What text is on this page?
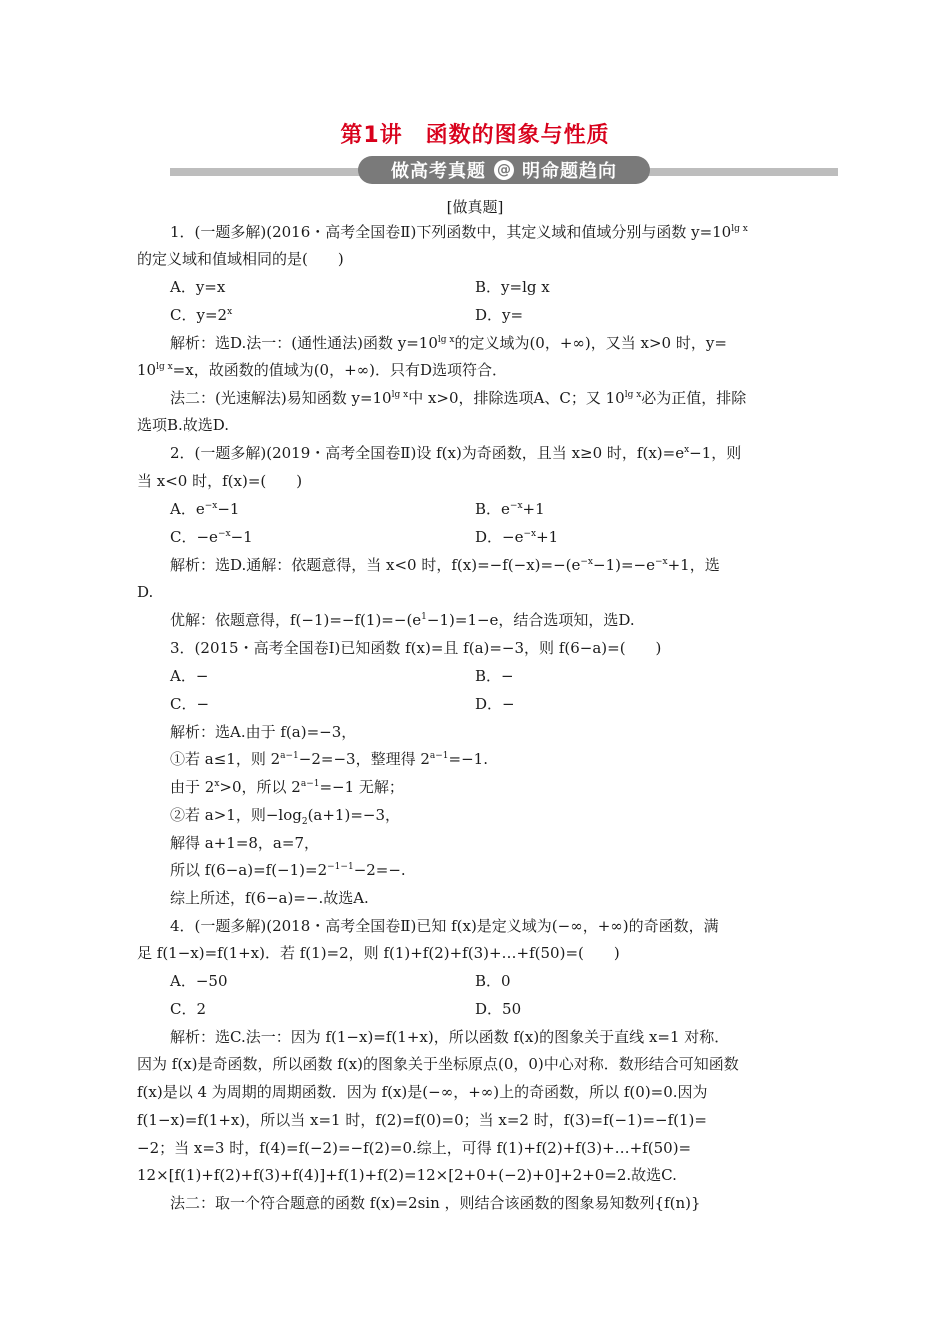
第1讲　函数的图象与性质
做高考真题 @ 明命题趋向
[做真题]
1．(一题多解)(2016・高考全国卷Ⅱ)下列函数中，其定义域和值域分别与函数 $y=10^{lg x}$
的定义域和值域相同的是(　　)
A．y=x	B．y=lg x
C．$y=2^x$	D．y=
解析：选D.法一：(通性通法)函数 $y=10^{lg x}$的定义域为(0，+∞)，又当 x>0 时，y=
$10^{lg x}=x$，故函数的值域为(0，+∞)．只有D选项符合．
法二：(光速解法)易知函数 $y=10^{lg x}$中 x>0，排除选项A、C；又 $10^{lg x}$必为正值，排除
选项B.故选D.
2．(一题多解)(2019・高考全国卷Ⅱ)设 f(x)为奇函数，且当 x≥0 时，$f(x)=e^x-1$，则
当 x<0 时，f(x)=(　　)
A．$e^{-x}-1$	B．$e^{-x}+1$
C．$-e^{-x}-1$	D．$-e^{-x}+1$
解析：选D.通解：依题意得，当 x<0 时，$f(x)=-f(-x)=-(e^{-x}-1)=-e^{-x}+1$，选
D.
优解：依题意得，$f(-1)=-f(1)=-(e^1-1)=1-e$，结合选项知，选D.
3．(2015・高考全国卷Ⅰ)已知函数 f(x)=且 f(a)=−3，则 f(6−a)=(　　)
A．−	B．−
C．−	D．−
解析：选A.由于 f(a)=−3，
①若 a≤1，则 $2^{a-1}-2=-3$，整理得 $2^{a-1}=-1$.
由于 $2^x>0$，所以 $2^{a-1}=-1$ 无解；
②若 a>1，则$-\log_2(a+1)=-3$，
解得 a+1=8，a=7，
所以 $f(6-a)=f(-1)=2^{-1-1}-2=-$.
综上所述，f(6−a)=−.故选A.
4．(一题多解)(2018・高考全国卷Ⅱ)已知 f(x)是定义域为(−∞，+∞)的奇函数，满
足 f(1−x)=f(1+x)．若 f(1)=2，则 f(1)+f(2)+f(3)+…+f(50)=(　　)
A．−50	B．0
C．2	D．50
解析：选C.法一：因为 f(1−x)=f(1+x)，所以函数 f(x)的图象关于直线 x=1 对称．
因为 f(x)是奇函数，所以函数 f(x)的图象关于坐标原点(0，0)中心对称．数形结合可知函数
f(x)是以 4 为周期的周期函数．因为 f(x)是(−∞，+∞)上的奇函数，所以 f(0)=0.因为
f(1−x)=f(1+x)，所以当 x=1 时，f(2)=f(0)=0；当 x=2 时，f(3)=f(−1)=−f(1)=
−2；当 x=3 时，f(4)=f(−2)=−f(2)=0.综上，可得 f(1)+f(2)+f(3)+…+f(50)=
12×[f(1)+f(2)+f(3)+f(4)]+f(1)+f(2)=12×[2+0+(−2)+0]+2+0=2.故选C.
法二：取一个符合题意的函数 f(x)=2sin ，则结合该函数的图象易知数列{f(n)}
